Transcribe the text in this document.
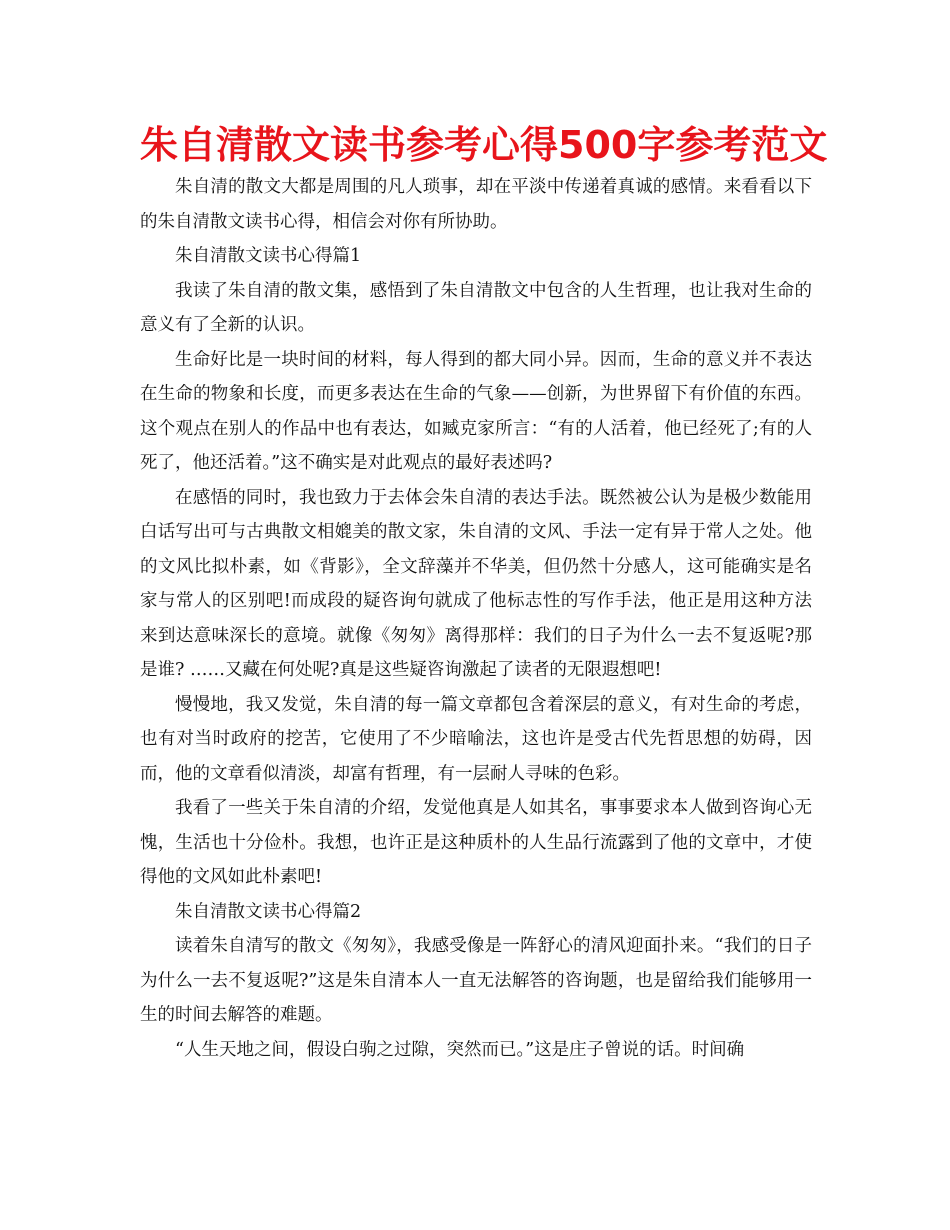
朱自清散文读书参考心得500字参考范文

朱自清的散文大都是周围的凡人琐事，却在平淡中传递着真诚的感情。来看看以下的朱自清散文读书心得，相信会对你有所协助。

朱自清散文读书心得篇1

我读了朱自清的散文集，感悟到了朱自清散文中包含的人生哲理，也让我对生命的意义有了全新的认识。

生命好比是一块时间的材料，每人得到的都大同小异。因而，生命的意义并不表达在生命的物象和长度，而更多表达在生命的气象——创新，为世界留下有价值的东西。这个观点在别人的作品中也有表达，如臧克家所言：“有的人活着，他已经死了;有的人死了，他还活着。”这不确实是对此观点的最好表述吗?

在感悟的同时，我也致力于去体会朱自清的表达手法。既然被公认为是极少数能用白话写出可与古典散文相媲美的散文家，朱自清的文风、手法一定有异于常人之处。他的文风比拟朴素，如《背影》，全文辞藻并不华美，但仍然十分感人，这可能确实是名家与常人的区别吧!而成段的疑咨询句就成了他标志性的写作手法，他正是用这种方法来到达意味深长的意境。就像《匆匆》离得那样：我们的日子为什么一去不复返呢?那是谁? ……又藏在何处呢?真是这些疑咨询激起了读者的无限遐想吧!

慢慢地，我又发觉，朱自清的每一篇文章都包含着深层的意义，有对生命的考虑，也有对当时政府的挖苦，它使用了不少暗喻法，这也许是受古代先哲思想的妨碍，因而，他的文章看似清淡，却富有哲理，有一层耐人寻味的色彩。

我看了一些关于朱自清的介绍，发觉他真是人如其名，事事要求本人做到咨询心无愧，生活也十分俭朴。我想，也许正是这种质朴的人生品行流露到了他的文章中，才使得他的文风如此朴素吧!

朱自清散文读书心得篇2

读着朱自清写的散文《匆匆》，我感受像是一阵舒心的清风迎面扑来。“我们的日子为什么一去不复返呢?”这是朱自清本人一直无法解答的咨询题，也是留给我们能够用一生的时间去解答的难题。

“人生天地之间，假设白驹之过隙，突然而已。”这是庄子曾说的话。时间确
